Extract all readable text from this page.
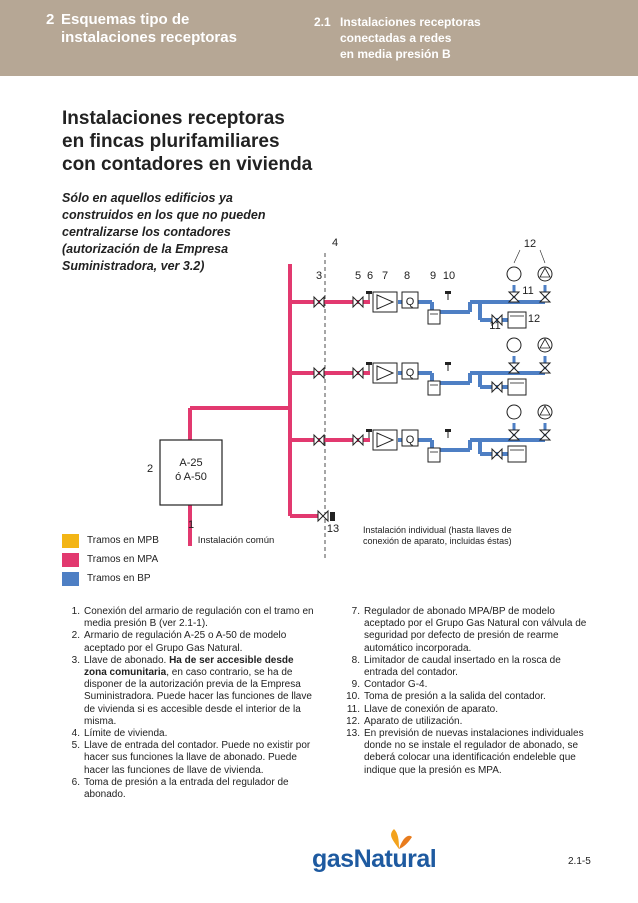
2 Esquemas tipo de
instalaciones receptoras
2.1 Instalaciones receptoras
conectadas a redes
en media presión B
Instalaciones receptoras
en fincas plurifamiliares
con contadores en vivienda
Sólo en aquellos edificios ya
construidos en los que no pueden
centralizarse los contadores
(autorización de la Empresa
Suministradora, ver 3.2)
A-25
ó A-50
Q
Q
Q
1
2
3
4
5 6 7 8 9 10
11
11
12
12
13
Instalación común
Instalación individual (hasta llaves de
conexión de aparato, incluidas éstas)
Tramos en MPB
Tramos en MPA
Tramos en BP
1. Conexión del armario de regulación con el tramo en media presión B (ver 2.1-1).
2. Armario de regulación A-25 o A-50 de modelo aceptado por el Grupo Gas Natural.
3. Llave de abonado. Ha de ser accesible desde zona comunitaria, en caso contrario, se ha de disponer de la autorización previa de la Empresa Suministradora. Puede hacer las funciones de llave de vivienda si es accesible desde el interior de la misma.
4. Límite de vivienda.
5. Llave de entrada del contador. Puede no existir por hacer sus funciones la llave de abonado. Puede hacer las funciones de llave de vivienda.
6. Toma de presión a la entrada del regulador de abonado.
7. Regulador de abonado MPA/BP de modelo aceptado por el Grupo Gas Natural con válvula de seguridad por defecto de presión de rearme automático incorporada.
8. Limitador de caudal insertado en la rosca de entrada del contador.
9. Contador G-4.
10. Toma de presión a la salida del contador.
11. Llave de conexión de aparato.
12. Aparato de utilización.
13. En previsión de nuevas instalaciones individuales donde no se instale el regulador de abonado, se deberá colocar una identificación endeleble que indique que la presión es MPA.
gasNatural	2.1-5
